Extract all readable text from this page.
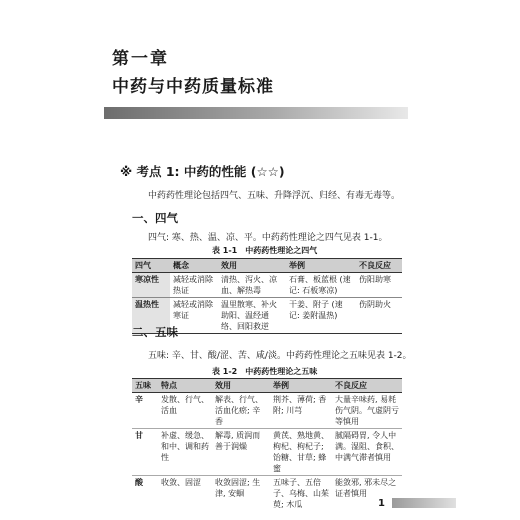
第一章
中药与中药质量标准
※ 考点 1: 中药的性能 (☆☆)
中药药性理论包括四气、五味、升降浮沉、归经、有毒无毒等。
一、四气
四气: 寒、热、温、凉、平。中药药性理论之四气见表 1-1。
表 1-1　中药药性理论之四气
四气	概念	效用	举例	不良反应
寒凉性	减轻或消除热证	清热、泻火、凉血、解热毒	石膏、板蓝根 (速记: 石板寒凉)	伤阳助寒
温热性	减轻或消除寒证	温里散寒、补火助阳、温经通络、回阳救逆	干姜、附子 (速记: 姜附温热)	伤阴助火
二、五味
五味: 辛、甘、酸/涩、苦、咸/淡。中药药性理论之五味见表 1-2。
表 1-2　中药药性理论之五味
五味	特点	效用	举例	不良反应
辛	发散、行气、活血	解表、行气、活血化瘀; 辛香	荆芥、薄荷; 香附; 川芎	大量辛味药, 易耗伤气阴。气虚阴亏等慎用
甘	补虚、缓急、和中、调和药性	解毒, 质润而善于润燥	黄芪、熟地黄、枸杞、枸杞子; 饴糖、甘草; 蜂蜜	腻隔碍胃, 令人中满。湿阻、食积、中满气滞者慎用
酸	收敛、固涩	收敛固涩; 生津, 安蛔	五味子、五倍子、乌梅、山茱萸; 木瓜	能敛邪, 邪未尽之证者慎用
1
